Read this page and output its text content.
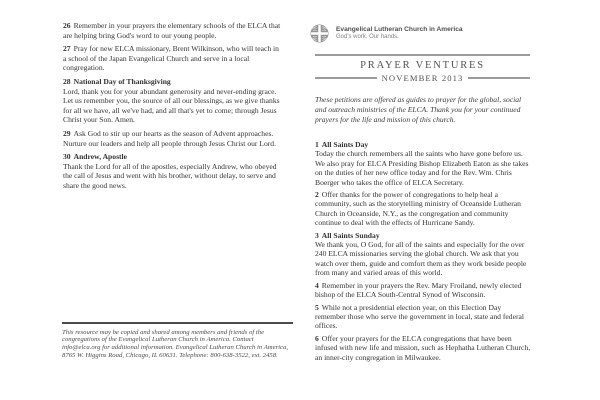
26 Remember in your prayers the elementary schools of the ELCA that are helping bring God's word to our young people.

27 Pray for new ELCA missionary, Brent Wilkinson, who will teach in a school of the Japan Evangelical Church and serve in a local congregation.

28 National Day of Thanksgiving

Lord, thank you for your abundant generosity and never-ending grace. Let us remember you, the source of all our blessings, as we give thanks for all we have, all we've had, and all that's yet to come; through Jesus Christ your Son. Amen.

29 Ask God to stir up our hearts as the season of Advent approaches. Nurture our leaders and help all people through Jesus Christ our Lord.

30 Andrew, Apostle

Thank the Lord for all of the apostles, especially Andrew, who obeyed the call of Jesus and went with his brother, without delay, to serve and share the good news.

This resource may be copied and shared among members and friends of the congregations of the Evangelical Lutheran Church in America. Contact info@elca.org for additional information. Evangelical Lutheran Church in America, 8765 W. Higgins Road, Chicago, IL 60631. Telephone: 800-638-3522, ext. 2458.

Evangelical Lutheran Church in America
God's work. Our hands.
PRAYER VENTURES
NOVEMBER 2013

These petitions are offered as guides to prayer for the global, social and outreach ministries of the ELCA. Thank you for your continued prayers for the life and mission of this church.

1 All Saints Day

Today the church remembers all the saints who have gone before us. We also pray for ELCA Presiding Bishop Elizabeth Eaton as she takes on the duties of her new office today and for the Rev. Wm. Chris Boerger who takes the office of ELCA Secretary.

2 Offer thanks for the power of congregations to help heal a community, such as the storytelling ministry of Oceanside Lutheran Church in Oceanside, N.Y., as the congregation and community continue to deal with the effects of Hurricane Sandy.

3 All Saints Sunday

We thank you, O God, for all of the saints and especially for the over 240 ELCA missionaries serving the global church. We ask that you watch over them, guide and comfort them as they work beside people from many and varied areas of this world.

4 Remember in your prayers the Rev. Mary Froiland, newly elected bishop of the ELCA South-Central Synod of Wisconsin.

5 While not a presidential election year, on this Election Day remember those who serve the government in local, state and federal offices.

6 Offer your prayers for the ELCA congregations that have been infused with new life and mission, such as Hephatha Lutheran Church, an inner-city congregation in Milwaukee.
